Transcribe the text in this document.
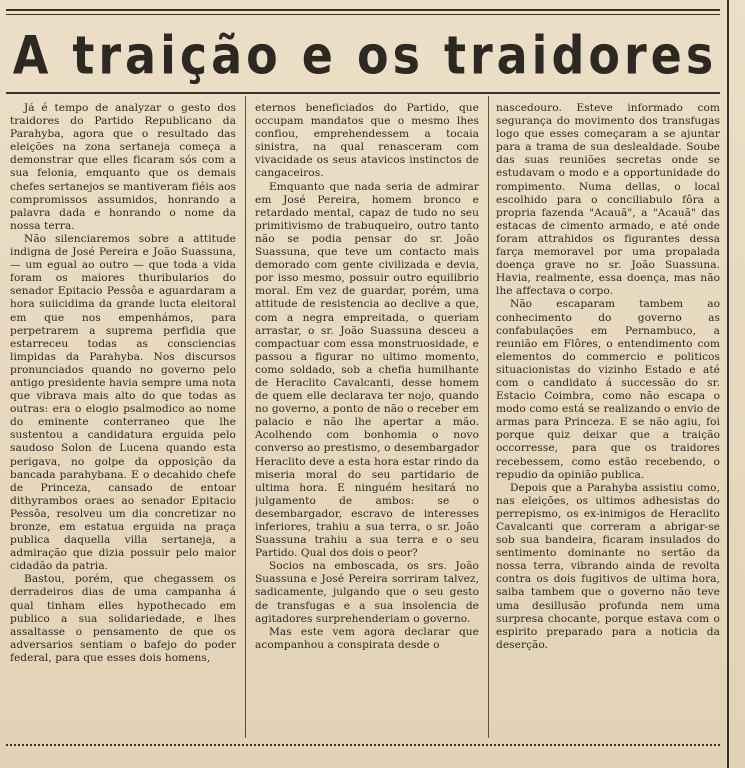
A traição e os traidores

Já é tempo de analyzar o gesto dos traidores do Partido Republicano da Parahyba, agora que o resultado das eleições na zona sertaneja começa a demonstrar que elles ficaram sós com a sua felonia, emquanto que os demais chefes sertanejos se mantiveram fiéis aos compromissos assumidos, honrando a palavra dada e honrando o nome da nossa terra.

Não silenciaremos sobre a attitude indigna de José Pereira e João Suassuna, — um egual ao outro — que toda a vida foram os maiores thuribularios do senador Epitacio Pessôa e aguardaram a hora suiicidima da grande lucta eleitoral em que nos empenhámos, para perpetrarem a suprema perfidia que estarreceu todas as consciencias limpidas da Parahyba. Nos discursos pronunciados quando no governo pelo antigo presidente havia sempre uma nota que vibrava mais alto do que todas as outras: era o elogio psalmodico ao nome do eminente conterraneo que lhe sustentou a candidatura erguida pelo saudoso Solon de Lucena quando esta perigava, no golpe da opposição da bancada parahybana. E o decahido chefe de Princeza, cansado de entoar dithyrambos oraes ao senador Epitacio Pessôa, resolveu um dia concretizar no bronze, em estatua erguida na praça publica daquella villa sertaneja, a admiração que dizia possuir pelo maior cidadão da patria.

Bastou, porém, que chegassem os derradeiros dias de uma campanha á qual tinham elles hypothecado em publico a sua solidariedade, e lhes assaltasse o pensamento de que os adversarios sentiam o bafejo do poder federal, para que esses dois homens,

eternos beneficiados do Partido, que occupam mandatos que o mesmo lhes confiou, emprehendessem a tocaia sinistra, na qual renasceram com vivacidade os seus atavicos instinctos de cangaceiros.

Emquanto que nada seria de admirar em José Pereira, homem bronco e retardado mental, capaz de tudo no seu primitivismo de trabuqueiro, outro tanto não se podia pensar do sr. João Suassuna, que teve um contacto mais demorado com gente civilizada e devia, por isso mesmo, possuir outro equilibrio moral. Em vez de guardar, porém, uma attitude de resistencia ao declive a que, com a negra empreitada, o queriam arrastar, o sr. João Suassuna desceu a compactuar com essa monstruosidade, e passou a figurar no ultimo momento, como soldado, sob a chefia humilhante de Heraclito Cavalcanti, desse homem de quem elle declarava ter nojo, quando no governo, a ponto de não o receber em palacio e não lhe apertar a mão. Acolhendo com bonhomia o novo converso ao prestismo, o desembargador Heraclito deve a esta hora estar rindo da miseria moral do seu partidario de ultima hora. E ninguém hesitará no julgamento de ambos: se o desembargador, escravo de interesses inferiores, trahiu a sua terra, o sr. João Suassuna trahiu a sua terra e o seu Partido. Qual dos dois o peor?

Socios na emboscada, os srs. João Suassuna e José Pereira sorriram talvez, sadicamente, julgando que o seu gesto de transfugas e a sua insolencia de agitadores surprehenderiam o governo.

Mas este vem agora declarar que acompanhou a conspirata desde o

nascedouro. Esteve informado com segurança do movimento dos transfugas logo que esses começaram a se ajuntar para a trama de sua deslealdade. Soube das suas reuniões secretas onde se estudavam o modo e a opportunidade do rompimento. Numa dellas, o local escolhido para o conciliabulo fôra a propria fazenda "Acauã", a "Acauã" das estacas de cimento armado, e até onde foram attrahidos os figurantes dessa farça memoravel por uma propalada doença grave no sr. João Suassuna. Havia, realmente, essa doença, mas não lhe affectava o corpo.

Não escaparam tambem ao conhecimento do governo as confabulações em Pernambuco, a reunião em Flôres, o entendimento com elementos do commercio e politicos situacionistas do vizinho Estado e até com o candidato á successão do sr. Estacio Coimbra, como não escapa o modo como está se realizando o envio de armas para Princeza. E se não agiu, foi porque quiz deixar que a traição occorresse, para que os traidores recebessem, como estão recebendo, o repudio da opinião publica.

Depois que a Parahyba assistiu como, nas eleições, os ultimos adhesistas do perrepismo, os ex-inimigos de Heraclito Cavalcanti que correram a abrigar-se sob sua bandeira, ficaram insulados do sentimento dominante no sertão da nossa terra, vibrando ainda de revolta contra os dois fugitivos de ultima hora, saiba tambem que o governo não teve uma desillusão profunda nem uma surpresa chocante, porque estava com o espirito preparado para a noticia da deserção.
